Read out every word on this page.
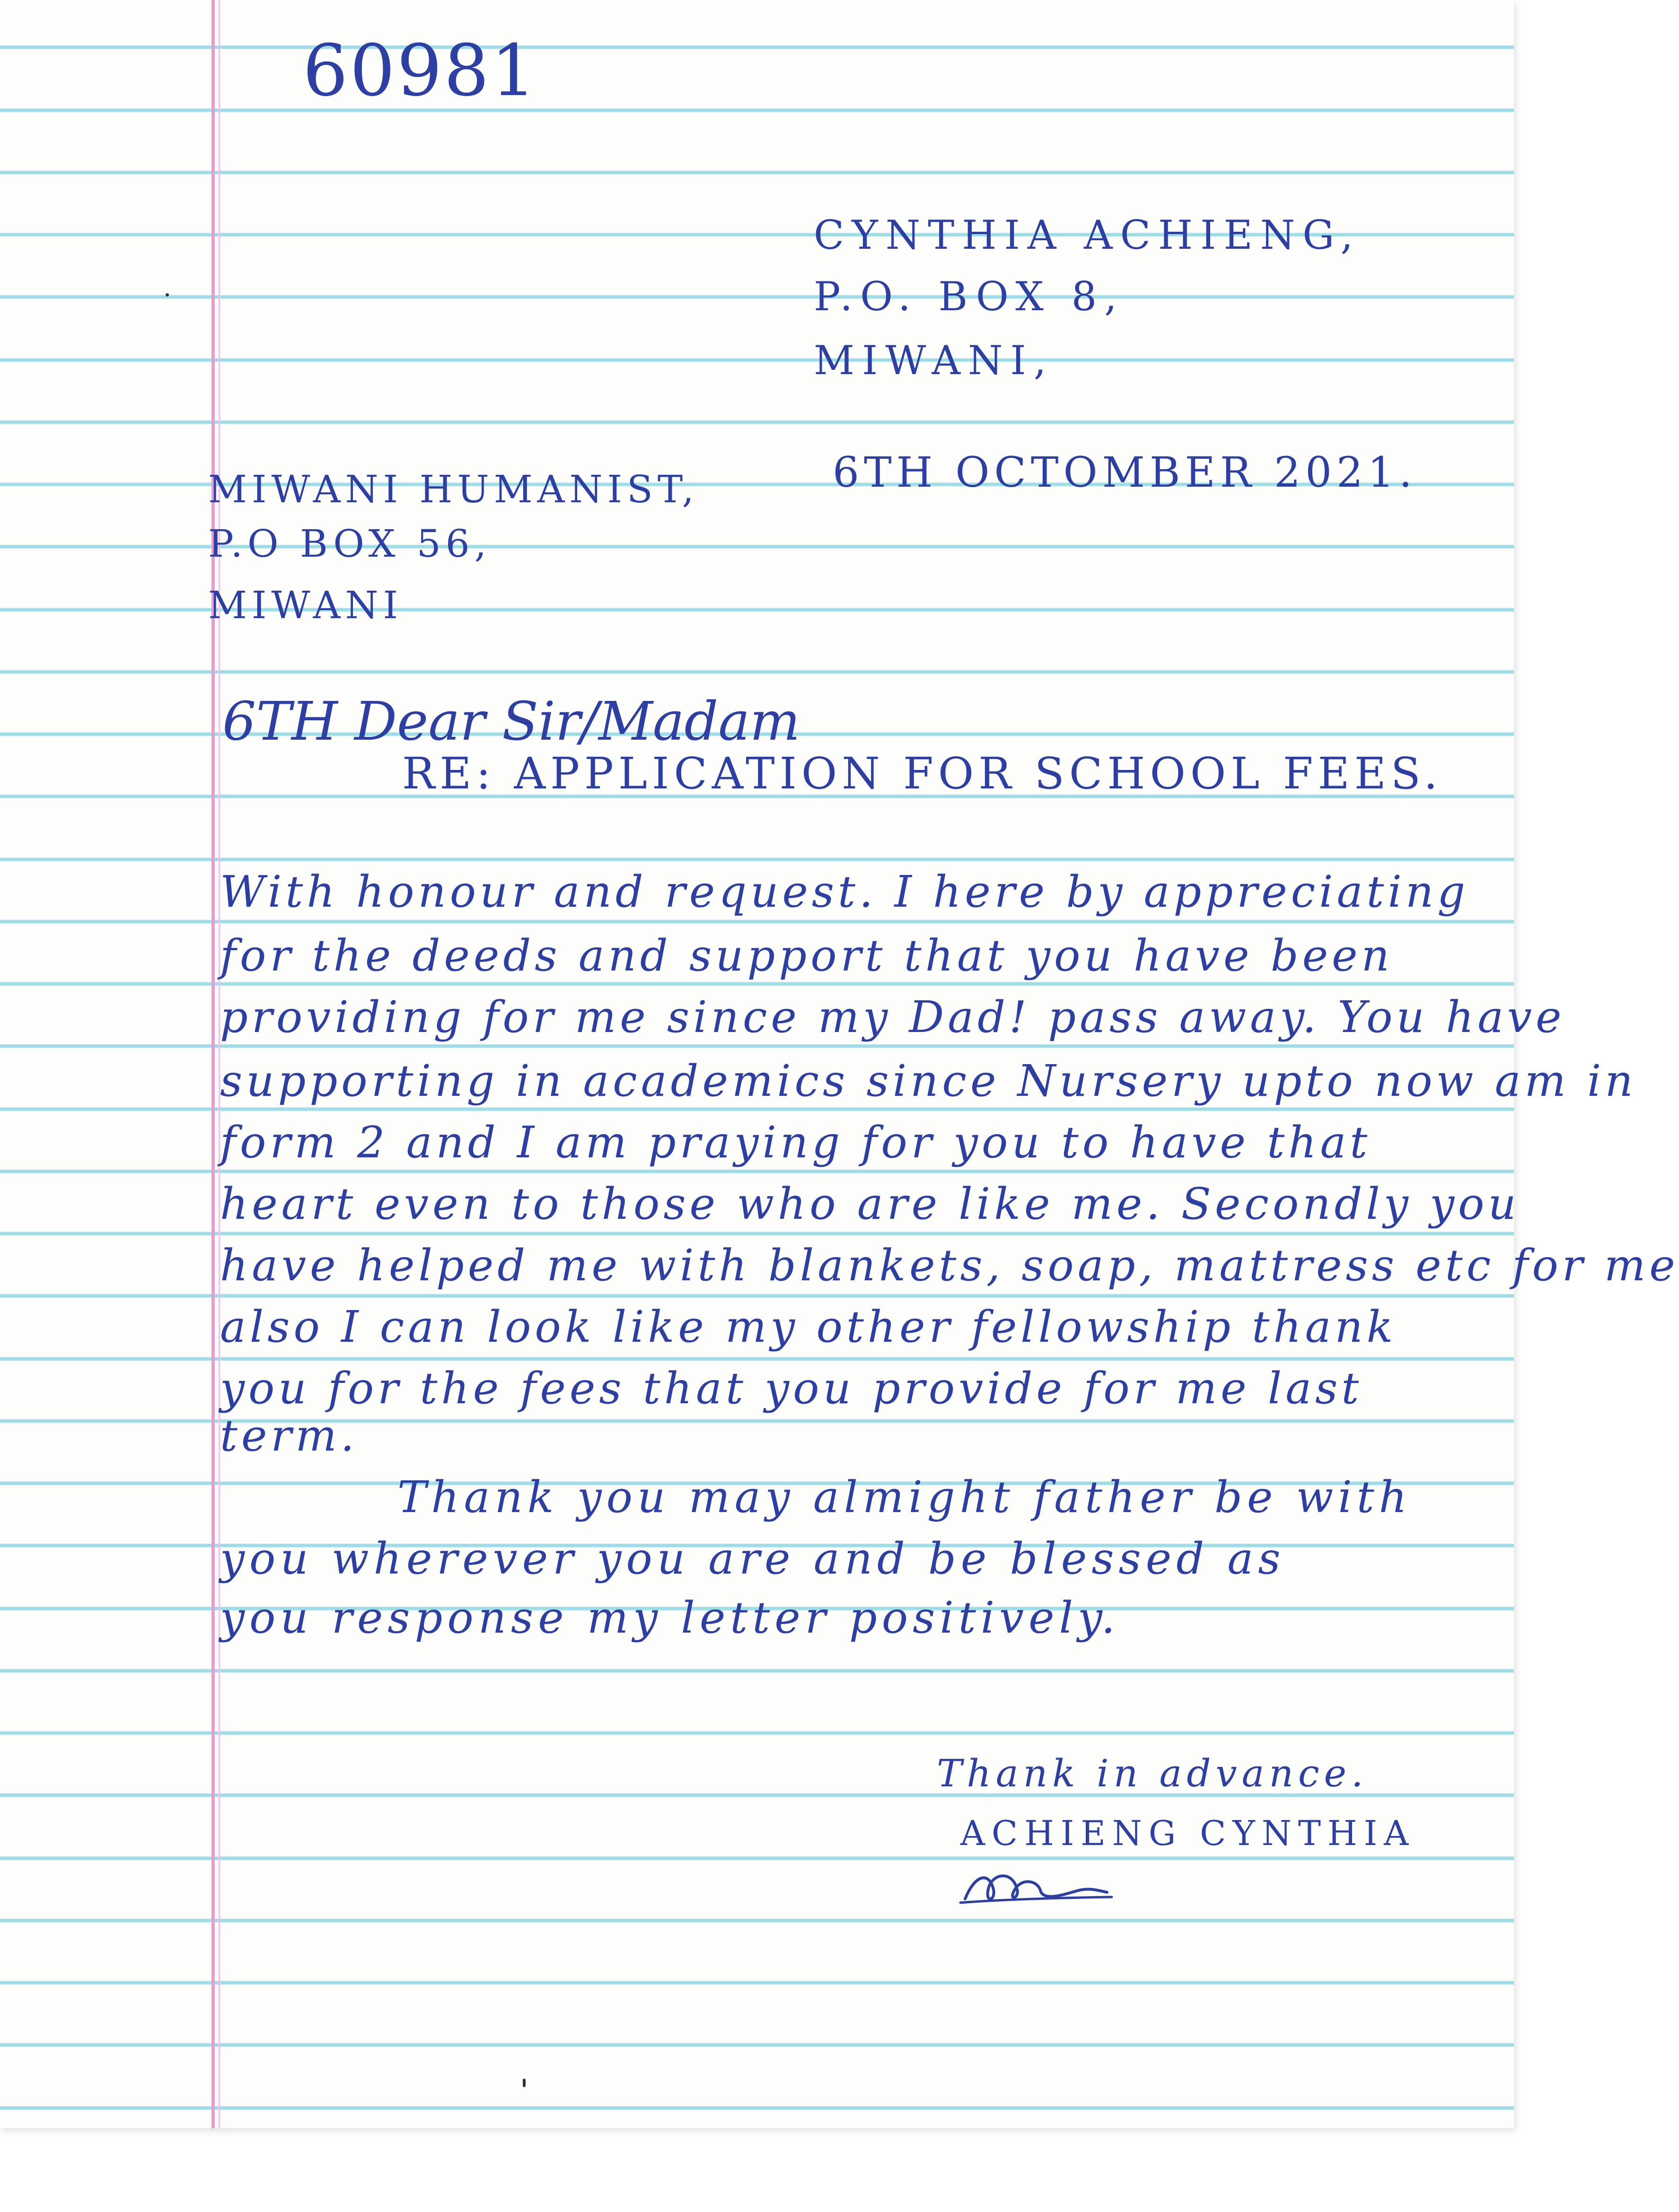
60981

CYNTHIA ACHIENG,

P.O. BOX 8,

MIWANI,

6TH OCTOMBER 2021.

MIWANI HUMANIST,

P.O BOX 56,

MIWANI

6TH Dear Sir/Madam

RE: APPLICATION FOR SCHOOL FEES.

With honour and request. I here by appreciating

for the deeds and support that you have been

providing for me since my Dad! pass away. You have

supporting in academics since Nursery upto now am in

form 2 and I am praying for you to have that

heart even to those who are like me. Secondly you

have helped me with blankets, soap, mattress etc for me

also I can look like my other fellowship thank

you for the fees that you provide for me last

term.

Thank you may almight father be with

you wherever you are and be blessed as

you response my letter positively.

Thank in advance.

ACHIENG CYNTHIA
